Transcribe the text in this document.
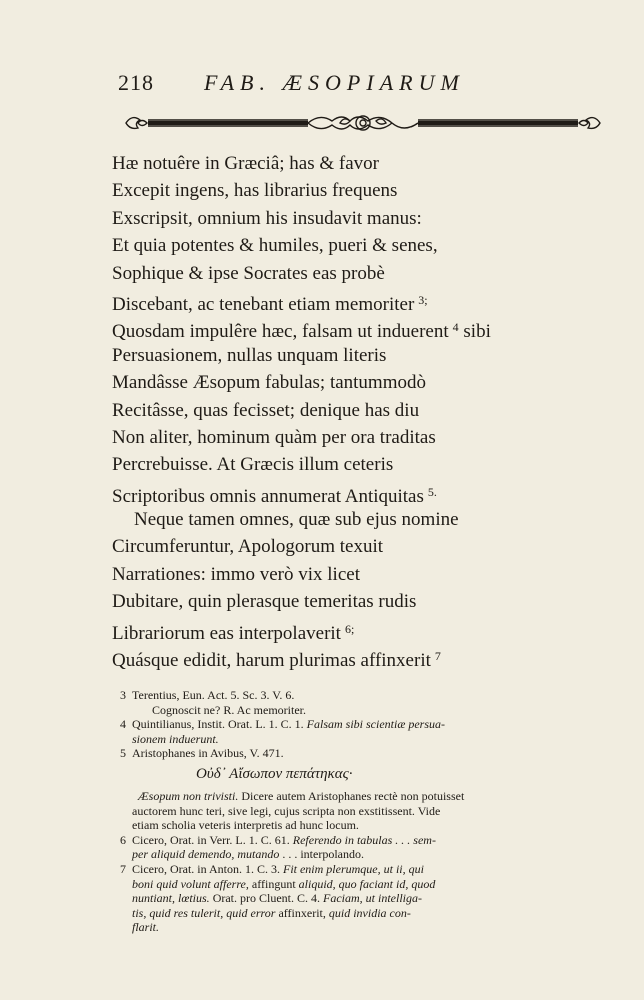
218 FAB. ÆSOPIARUM
Hæ notuêre in Græciâ; has & favor
Excepit ingens, has librarius frequens
Exscripsit, omnium his insudavit manus:
Et quia potentes & humiles, pueri & senes,
Sophique & ipse Socrates eas probè
Discebant, ac tenebant etiam memoriter $^{3;}$
Quosdam impulêre hæc, falsam ut induerent $^4$ sibi
Persuasionem, nullas unquam literis
Mandâsse Æsopum fabulas; tantummodò
Recitâsse, quas fecisset; denique has diu
Non aliter, hominum quàm per ora traditas
Percrebuisse. At Græcis illum ceteris
Scriptoribus omnis annumerat Antiquitas $^{5.}$
Neque tamen omnes, quæ sub ejus nomine
Circumferuntur, Apologorum texuit
Narrationes: immo verò vix licet
Dubitare, quin plerasque temeritas rudis
Librariorum eas interpolaverit $^{6;}$
Quásque edidit, harum plurimas affinxerit $^7$
3 Terentius, Eun. Act. 5. Sc. 3. V. 6.
Cognoscit ne? R. Ac memoriter.
4 Quintilianus, Instit. Orat. L. 1. C. 1. Falsam sibi scientiæ persua-
sionem induerunt.
5 Aristophanes in Avibus, V. 471.
Οὐδ᾽ Αἴσωπον πεπάτηκας·
Æsopum non trivisti. Dicere autem Aristophanes rectè non potuisset
auctorem hunc teri, sive legi, cujus scripta non exstitissent. Vide
etiam scholia veteris interpretis ad hunc locum.
6 Cicero, Orat. in Verr. L. 1. C. 61. Referendo in tabulas . . . sem-
per aliquid demendo, mutando . . . interpolando.
7 Cicero, Orat. in Anton. 1. C. 3. Fit enim plerumque, ut ii, qui
boni quid volunt afferre, affingunt aliquid, quo faciant id, quod
nuntiant, lœtius. Orat. pro Cluent. C. 4. Faciam, ut intelliga-
tis, quid res tulerit, quid error affinxerit, quid invidia con-
flarit.
